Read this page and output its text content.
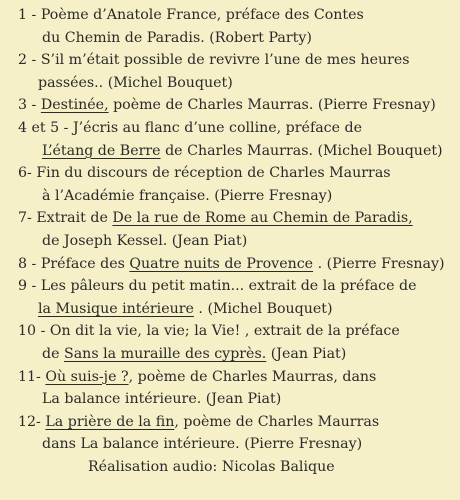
1 - Poème d’Anatole France, préface des Contes
du Chemin de Paradis. (Robert Party)
2 - S’il m’était possible de revivre l’une de mes heures
passées.. (Michel Bouquet)
3 - Destinée, poème de Charles Maurras. (Pierre Fresnay)
4 et 5 - J’écris au flanc d’une colline, préface de
L’étang de Berre de Charles Maurras. (Michel Bouquet)
6- Fin du discours de réception de Charles Maurras
à l’Académie française. (Pierre Fresnay)
7- Extrait de De la rue de Rome au Chemin de Paradis,
de Joseph Kessel. (Jean Piat)
8 - Préface des Quatre nuits de Provence . (Pierre Fresnay)
9 - Les pâleurs du petit matin... extrait de la préface de
la Musique intérieure . (Michel Bouquet)
10 - On dit la vie, la vie; la Vie! , extrait de la préface
de Sans la muraille des cyprès. (Jean Piat)
11- Où suis-je ?, poème de Charles Maurras, dans
La balance intérieure. (Jean Piat)
12- La prière de la fin, poème de Charles Maurras
dans La balance intérieure. (Pierre Fresnay)
Réalisation audio: Nicolas Balique
